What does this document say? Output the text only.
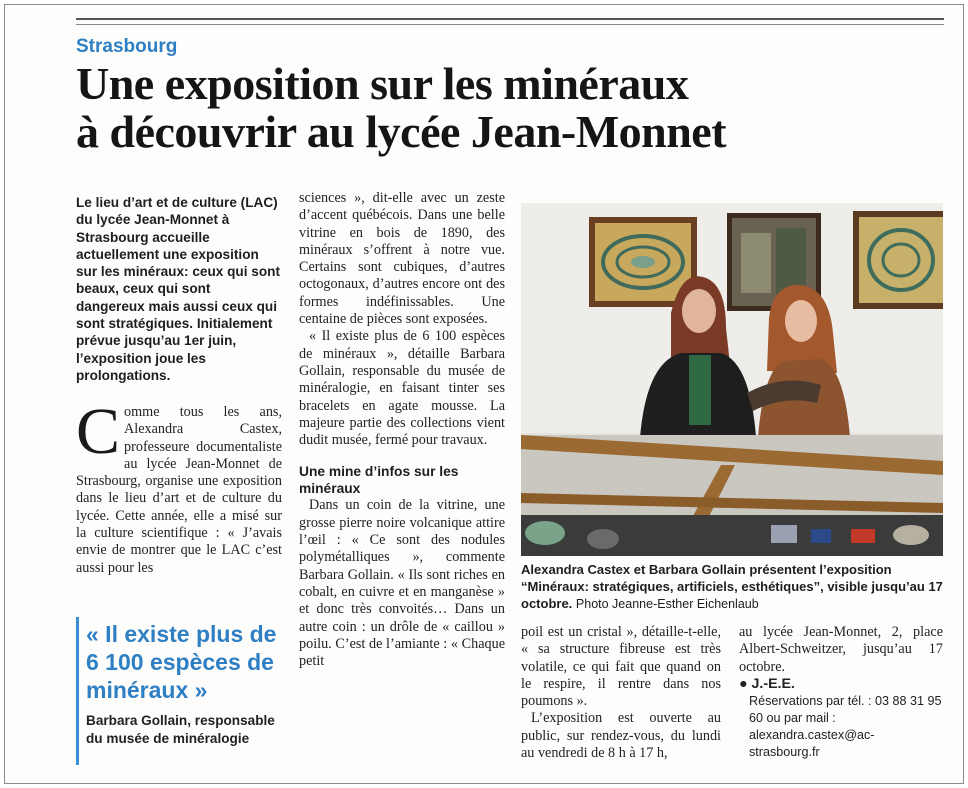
Strasbourg
Une exposition sur les minéraux
à découvrir au lycée Jean-Monnet

Le lieu d’art et de culture (LAC) du lycée Jean-Monnet à Strasbourg accueille actuellement une exposition sur les minéraux: ceux qui sont beaux, ceux qui sont dangereux mais aussi ceux qui sont stratégiques. Initialement prévue jusqu’au 1er juin, l’exposition joue les prolongations.

Comme tous les ans, Alexandra Castex, professeure documentaliste au lycée Jean-Monnet de Strasbourg, organise une exposition dans le lieu d’art et de culture du lycée. Cette année, elle a misé sur la culture scientifique : « J’avais envie de montrer que le LAC c’est aussi pour les

« Il existe plus de 6 100 espèces de minéraux »
Barbara Gollain, responsable du musée de minéralogie

sciences », dit-elle avec un zeste d’accent québécois. Dans une belle vitrine en bois de 1890, des minéraux s’offrent à notre vue. Certains sont cubiques, d’autres octogonaux, d’autres encore ont des formes indéfinissables. Une centaine de pièces sont exposées.

« Il existe plus de 6 100 espèces de minéraux », détaille Barbara Gollain, responsable du musée de minéralogie, en faisant tinter ses bracelets en agate mousse. La majeure partie des collections vient dudit musée, fermé pour travaux.

Une mine d’infos sur les minéraux

Dans un coin de la vitrine, une grosse pierre noire volcanique attire l’œil : « Ce sont des nodules polymétalliques », commente Barbara Gollain. « Ils sont riches en cobalt, en cuivre et en manganèse » et donc très convoités… Dans un autre coin : un drôle de « caillou » poilu. C’est de l’amiante : « Chaque petit

Alexandra Castex et Barbara Gollain présentent l’exposition “Minéraux: stratégiques, artificiels, esthétiques”, visible jusqu’au 17 octobre. Photo Jeanne-Esther Eichenlaub

poil est un cristal », détaille-t-elle, « sa structure fibreuse est très volatile, ce qui fait que quand on le respire, il rentre dans nos poumons ».

L’exposition est ouverte au public, sur rendez-vous, du lundi au vendredi de 8 h à 17 h,

au lycée Jean-Monnet, 2, place Albert-Schweitzer, jusqu’au 17 octobre.

● J.-E.E.

Réservations par tél. : 03 88 31 95 60 ou par mail : alexandra.castex@ac-strasbourg.fr
